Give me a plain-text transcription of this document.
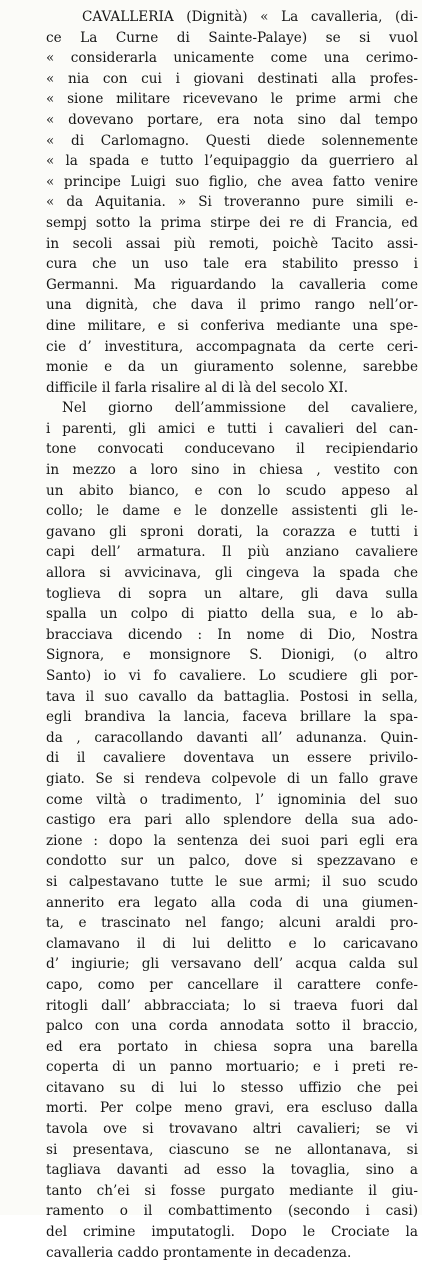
CAVALLERIA (Dignità) « La cavalleria, (di-
ce La Curne di Sainte-Palaye) se si vuol
« considerarla unicamente come una cerimo-
« nia con cui i giovani destinati alla profes-
« sione militare ricevevano le prime armi che
« dovevano portare, era nota sino dal tempo
« di Carlomagno. Questi diede solennemente
« la spada e tutto l’equipaggio da guerriero al
« principe Luigi suo figlio, che avea fatto venire
« da Aquitania. » Si troveranno pure simili e-
sempj sotto la prima stirpe dei re di Francia, ed
in secoli assai più remoti, poichè Tacito assi-
cura che un uso tale era stabilito presso i
Germanni. Ma riguardando la cavalleria come
una dignità, che dava il primo rango nell’or-
dine militare, e si conferiva mediante una spe-
cie d’ investitura, accompagnata da certe ceri-
monie e da un giuramento solenne, sarebbe
difficile il farla risalire al di là del secolo XI.
Nel giorno dell’ammissione del cavaliere,
i parenti, gli amici e tutti i cavalieri del can-
tone convocati conducevano il recipiendario
in mezzo a loro sino in chiesa , vestito con
un abito bianco, e con lo scudo appeso al
collo; le dame e le donzelle assistenti gli le-
gavano gli sproni dorati, la corazza e tutti i
capi dell’ armatura. Il più anziano cavaliere
allora si avvicinava, gli cingeva la spada che
toglieva di sopra un altare, gli dava sulla
spalla un colpo di piatto della sua, e lo ab-
bracciava dicendo : In nome di Dio, Nostra
Signora, e monsignore S. Dionigi, (o altro
Santo) io vi fo cavaliere. Lo scudiere gli por-
tava il suo cavallo da battaglia. Postosi in sella,
egli brandiva la lancia, faceva brillare la spa-
da , caracollando davanti all’ adunanza. Quin-
di il cavaliere doventava un essere privilo-
giato. Se si rendeva colpevole di un fallo grave
come viltà o tradimento, l’ ignominia del suo
castigo era pari allo splendore della sua ado-
zione : dopo la sentenza dei suoi pari egli era
condotto sur un palco, dove si spezzavano e
si calpestavano tutte le sue armi; il suo scudo
annerito era legato alla coda di una giumen-
ta, e trascinato nel fango; alcuni araldi pro-
clamavano il di lui delitto e lo caricavano
d’ ingiurie; gli versavano dell’ acqua calda sul
capo, como per cancellare il carattere confe-
ritogli dall’ abbracciata; lo si traeva fuori dal
palco con una corda annodata sotto il braccio,
ed era portato in chiesa sopra una barella
coperta di un panno mortuario; e i preti re-
citavano su di lui lo stesso uffizio che pei
morti. Per colpe meno gravi, era escluso dalla
tavola ove si trovavano altri cavalieri; se vi
si presentava, ciascuno se ne allontanava, si
tagliava davanti ad esso la tovaglia, sino a
tanto ch’ei si fosse purgato mediante il giu-
ramento o il combattimento (secondo i casi)
del crimine imputatogli. Dopo le Crociate la
cavalleria caddo prontamente in decadenza.
